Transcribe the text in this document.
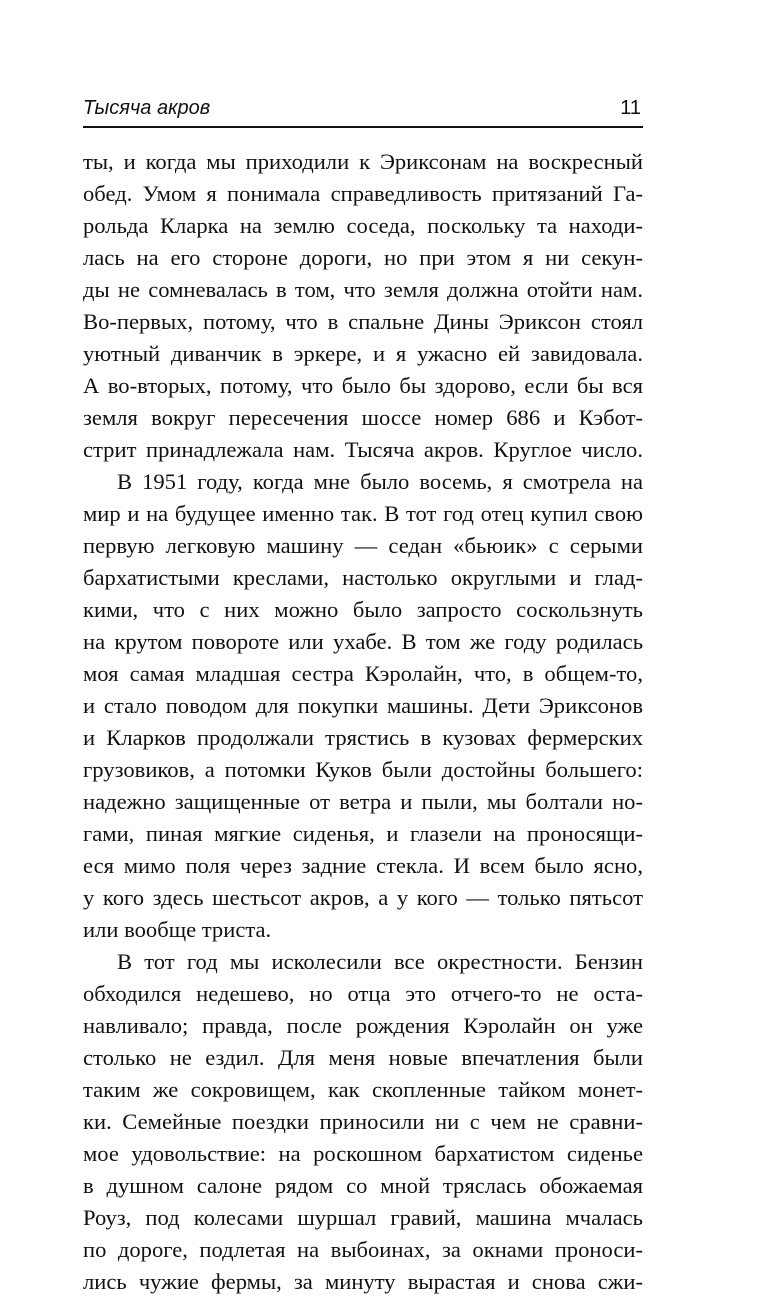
Тысяча акров	11
ты, и когда мы приходили к Эриксонам на воскресный
обед. Умом я понимала справедливость притязаний Га-
рольда Кларка на землю соседа, поскольку та находи-
лась на его стороне дороги, но при этом я ни секун-
ды не сомневалась в том, что земля должна отойти нам.
Во-первых, потому, что в спальне Дины Эриксон стоял
уютный диванчик в эркере, и я ужасно ей завидовала.
А во-вторых, потому, что было бы здорово, если бы вся
земля вокруг пересечения шоссе номер 686 и Кэбот-
стрит принадлежала нам. Тысяча акров. Круглое число.
В 1951 году, когда мне было восемь, я смотрела на
мир и на будущее именно так. В тот год отец купил свою
первую легковую машину — седан «бьюик» с серыми
бархатистыми креслами, настолько округлыми и глад-
кими, что с них можно было запросто соскользнуть
на крутом повороте или ухабе. В том же году родилась
моя самая младшая сестра Кэролайн, что, в общем-то,
и стало поводом для покупки машины. Дети Эриксонов
и Кларков продолжали трястись в кузовах фермерских
грузовиков, а потомки Куков были достойны большего:
надежно защищенные от ветра и пыли, мы болтали но-
гами, пиная мягкие сиденья, и глазели на проносящи-
еся мимо поля через задние стекла. И всем было ясно,
у кого здесь шестьсот акров, а у кого — только пятьсот
или вообще триста.
В тот год мы исколесили все окрестности. Бензин
обходился недешево, но отца это отчего-то не оста-
навливало; правда, после рождения Кэролайн он уже
столько не ездил. Для меня новые впечатления были
таким же сокровищем, как скопленные тайком монет-
ки. Семейные поездки приносили ни с чем не сравни-
мое удовольствие: на роскошном бархатистом сиденье
в душном салоне рядом со мной тряслась обожаемая
Роуз, под колесами шуршал гравий, машина мчалась
по дороге, подлетая на выбоинах, за окнами проноси-
лись чужие фермы, за минуту вырастая и снова сжи-
